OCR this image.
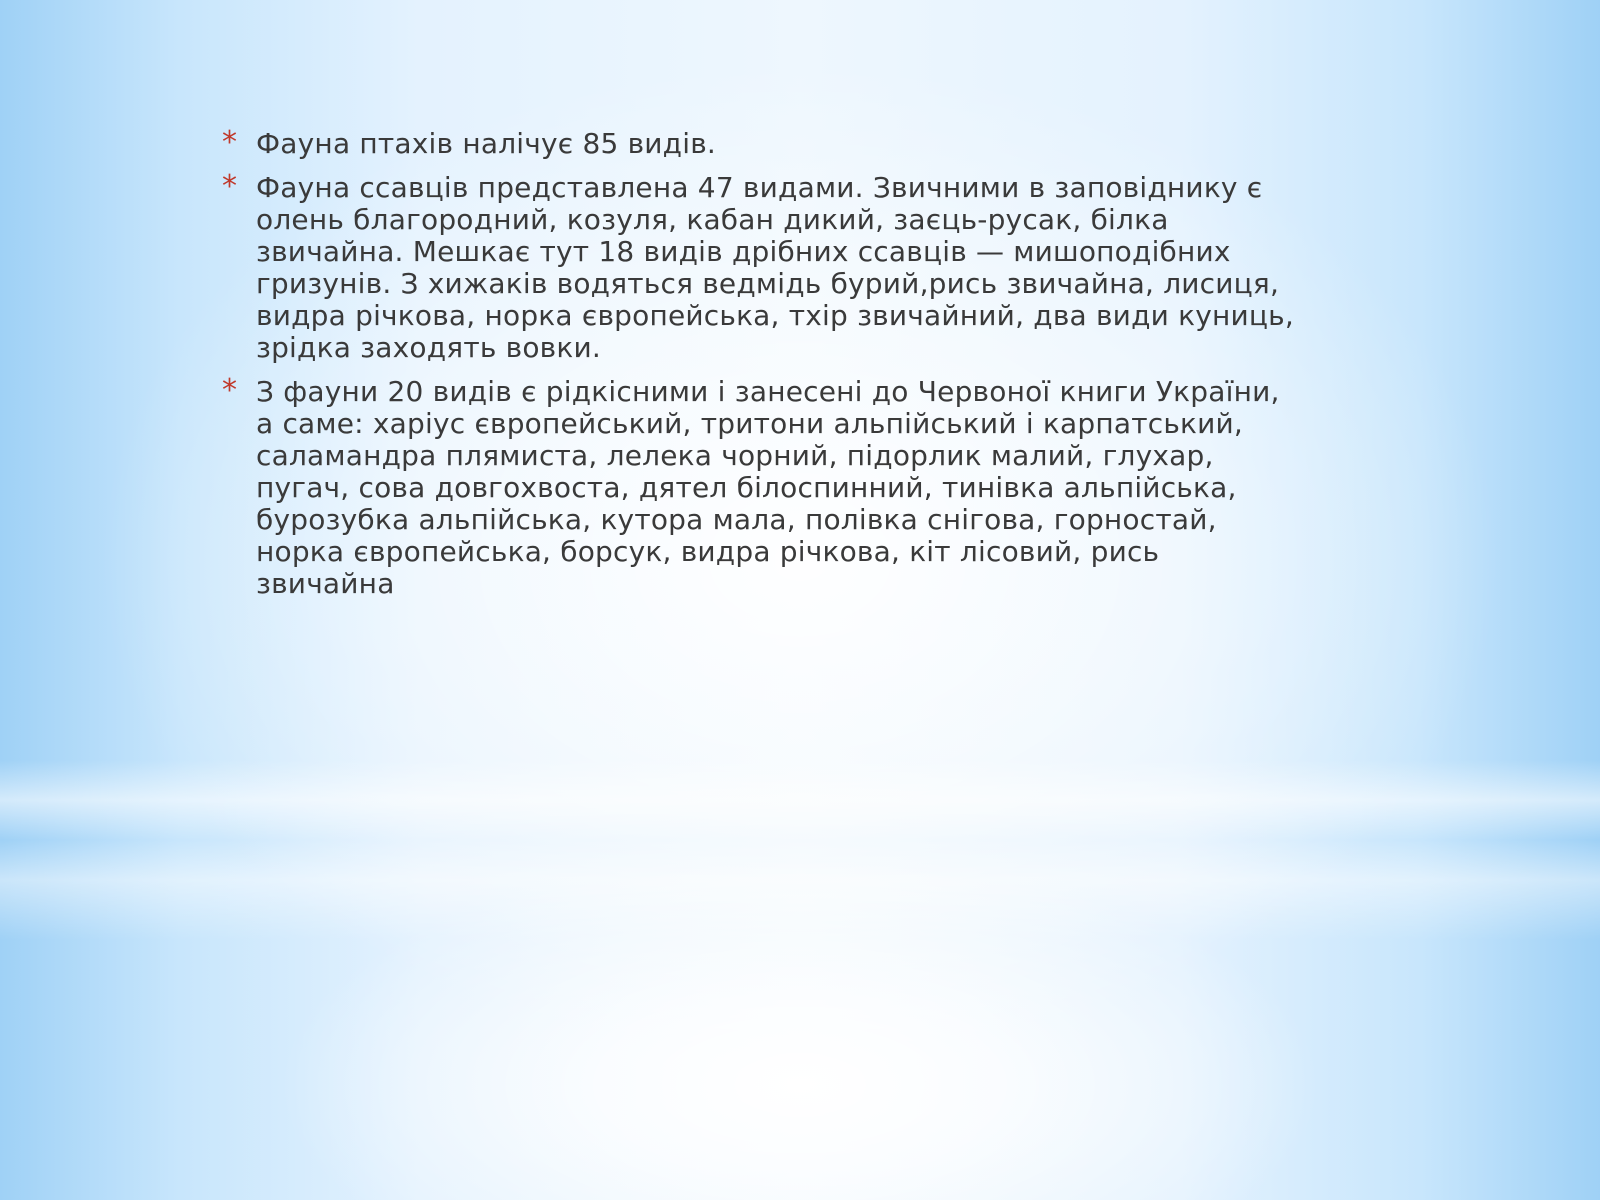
* Фауна птахів налічує 85 видів.
* Фауна ссавців представлена 47 видами. Звичними в заповіднику є олень благородний, козуля, кабан дикий, заєць-русак, білка звичайна. Мешкає тут 18 видів дрібних ссавців — мишоподібних гризунів. З хижаків водяться ведмідь бурий,рись звичайна, лисиця, видра річкова, норка європейська, тхір звичайний, два види куниць, зрідка заходять вовки.
* З фауни 20 видів є рідкісними і занесені до Червоної книги України, а саме: харіус європейський, тритони альпійський і карпатський, саламандра плямиста, лелека чорний, підорлик малий, глухар, пугач, сова довгохвоста, дятел білоспинний, тинівка альпійська, бурозубка альпійська, кутора мала, полівка снігова, горностай, норка європейська, борсук, видра річкова, кіт лісовий, рись звичайна
